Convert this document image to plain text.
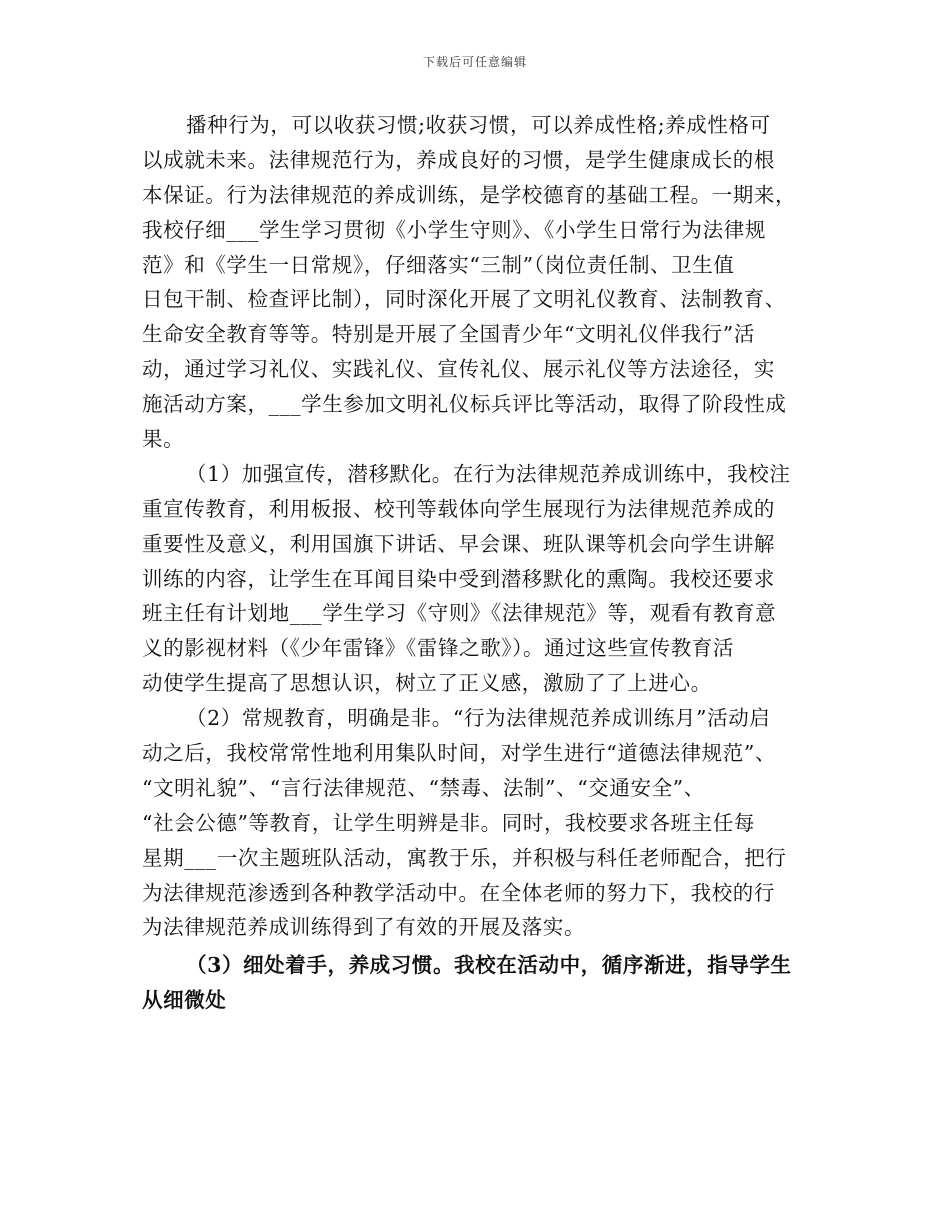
下载后可任意编辑
播种行为，可以收获习惯;收获习惯，可以养成性格;养成性格可
以成就未来。法律规范行为，养成良好的习惯，是学生健康成长的根
本保证。行为法律规范的养成训练，是学校德育的基础工程。一期来，
我校仔细___学生学习贯彻《小学生守则》、《小学生日常行为法律规
范》和《学生一日常规》，仔细落实“三制”（岗位责任制、卫生值
日包干制、检查评比制），同时深化开展了文明礼仪教育、法制教育、
生命安全教育等等。特别是开展了全国青少年“文明礼仪伴我行”活
动，通过学习礼仪、实践礼仪、宣传礼仪、展示礼仪等方法途径，实
施活动方案，___学生参加文明礼仪标兵评比等活动，取得了阶段性成
果。
（1）加强宣传，潜移默化。在行为法律规范养成训练中，我校注
重宣传教育，利用板报、校刊等载体向学生展现行为法律规范养成的
重要性及意义，利用国旗下讲话、早会课、班队课等机会向学生讲解
训练的内容，让学生在耳闻目染中受到潜移默化的熏陶。我校还要求
班主任有计划地___学生学习《守则》《法律规范》等，观看有教育意
义的影视材料（《少年雷锋》《雷锋之歌》）。通过这些宣传教育活
动使学生提高了思想认识，树立了正义感，激励了了上进心。
（2）常规教育，明确是非。“行为法律规范养成训练月”活动启
动之后，我校常常性地利用集队时间，对学生进行“道德法律规范”、
“文明礼貌”、“言行法律规范、“禁毒、法制”、“交通安全”、
“社会公德”等教育，让学生明辨是非。同时，我校要求各班主任每
星期___一次主题班队活动，寓教于乐，并积极与科任老师配合，把行
为法律规范渗透到各种教学活动中。在全体老师的努力下，我校的行
为法律规范养成训练得到了有效的开展及落实。
（3）细处着手，养成习惯。我校在活动中，循序渐进，指导学生
从细微处
